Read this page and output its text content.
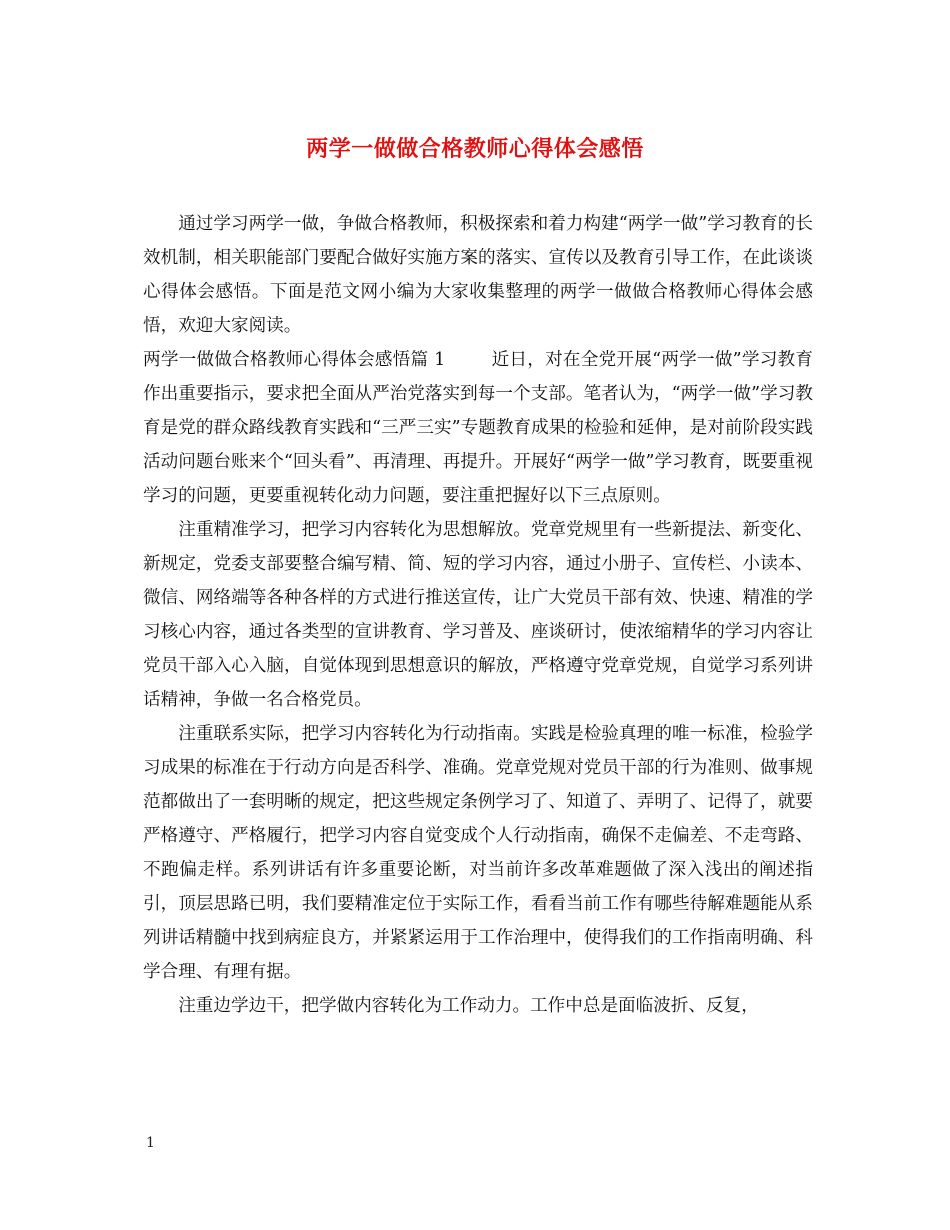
两学一做做合格教师心得体会感悟

通过学习两学一做，争做合格教师，积极探索和着力构建“两学一做”学习教育的长效机制，相关职能部门要配合做好实施方案的落实、宣传以及教育引导工作，在此谈谈心得体会感悟。下面是范文网小编为大家收集整理的两学一做做合格教师心得体会感悟，欢迎大家阅读。

两学一做做合格教师心得体会感悟篇 1	近日，对在全党开展“两学一做”学习教育作出重要指示，要求把全面从严治党落实到每一个支部。笔者认为，“两学一做”学习教育是党的群众路线教育实践和“三严三实”专题教育成果的检验和延伸，是对前阶段实践活动问题台账来个“回头看”、再清理、再提升。开展好“两学一做”学习教育，既要重视学习的问题，更要重视转化动力问题，要注重把握好以下三点原则。

注重精准学习，把学习内容转化为思想解放。党章党规里有一些新提法、新变化、新规定，党委支部要整合编写精、简、短的学习内容，通过小册子、宣传栏、小读本、微信、网络端等各种各样的方式进行推送宣传，让广大党员干部有效、快速、精准的学习核心内容，通过各类型的宣讲教育、学习普及、座谈研讨，使浓缩精华的学习内容让党员干部入心入脑，自觉体现到思想意识的解放，严格遵守党章党规，自觉学习系列讲话精神，争做一名合格党员。

注重联系实际，把学习内容转化为行动指南。实践是检验真理的唯一标准，检验学习成果的标准在于行动方向是否科学、准确。党章党规对党员干部的行为准则、做事规范都做出了一套明晰的规定，把这些规定条例学习了、知道了、弄明了、记得了，就要严格遵守、严格履行，把学习内容自觉变成个人行动指南，确保不走偏差、不走弯路、不跑偏走样。系列讲话有许多重要论断，对当前许多改革难题做了深入浅出的阐述指引，顶层思路已明，我们要精准定位于实际工作，看看当前工作有哪些待解难题能从系列讲话精髓中找到病症良方，并紧紧运用于工作治理中，使得我们的工作指南明确、科学合理、有理有据。

注重边学边干，把学做内容转化为工作动力。工作中总是面临波折、反复，

1
